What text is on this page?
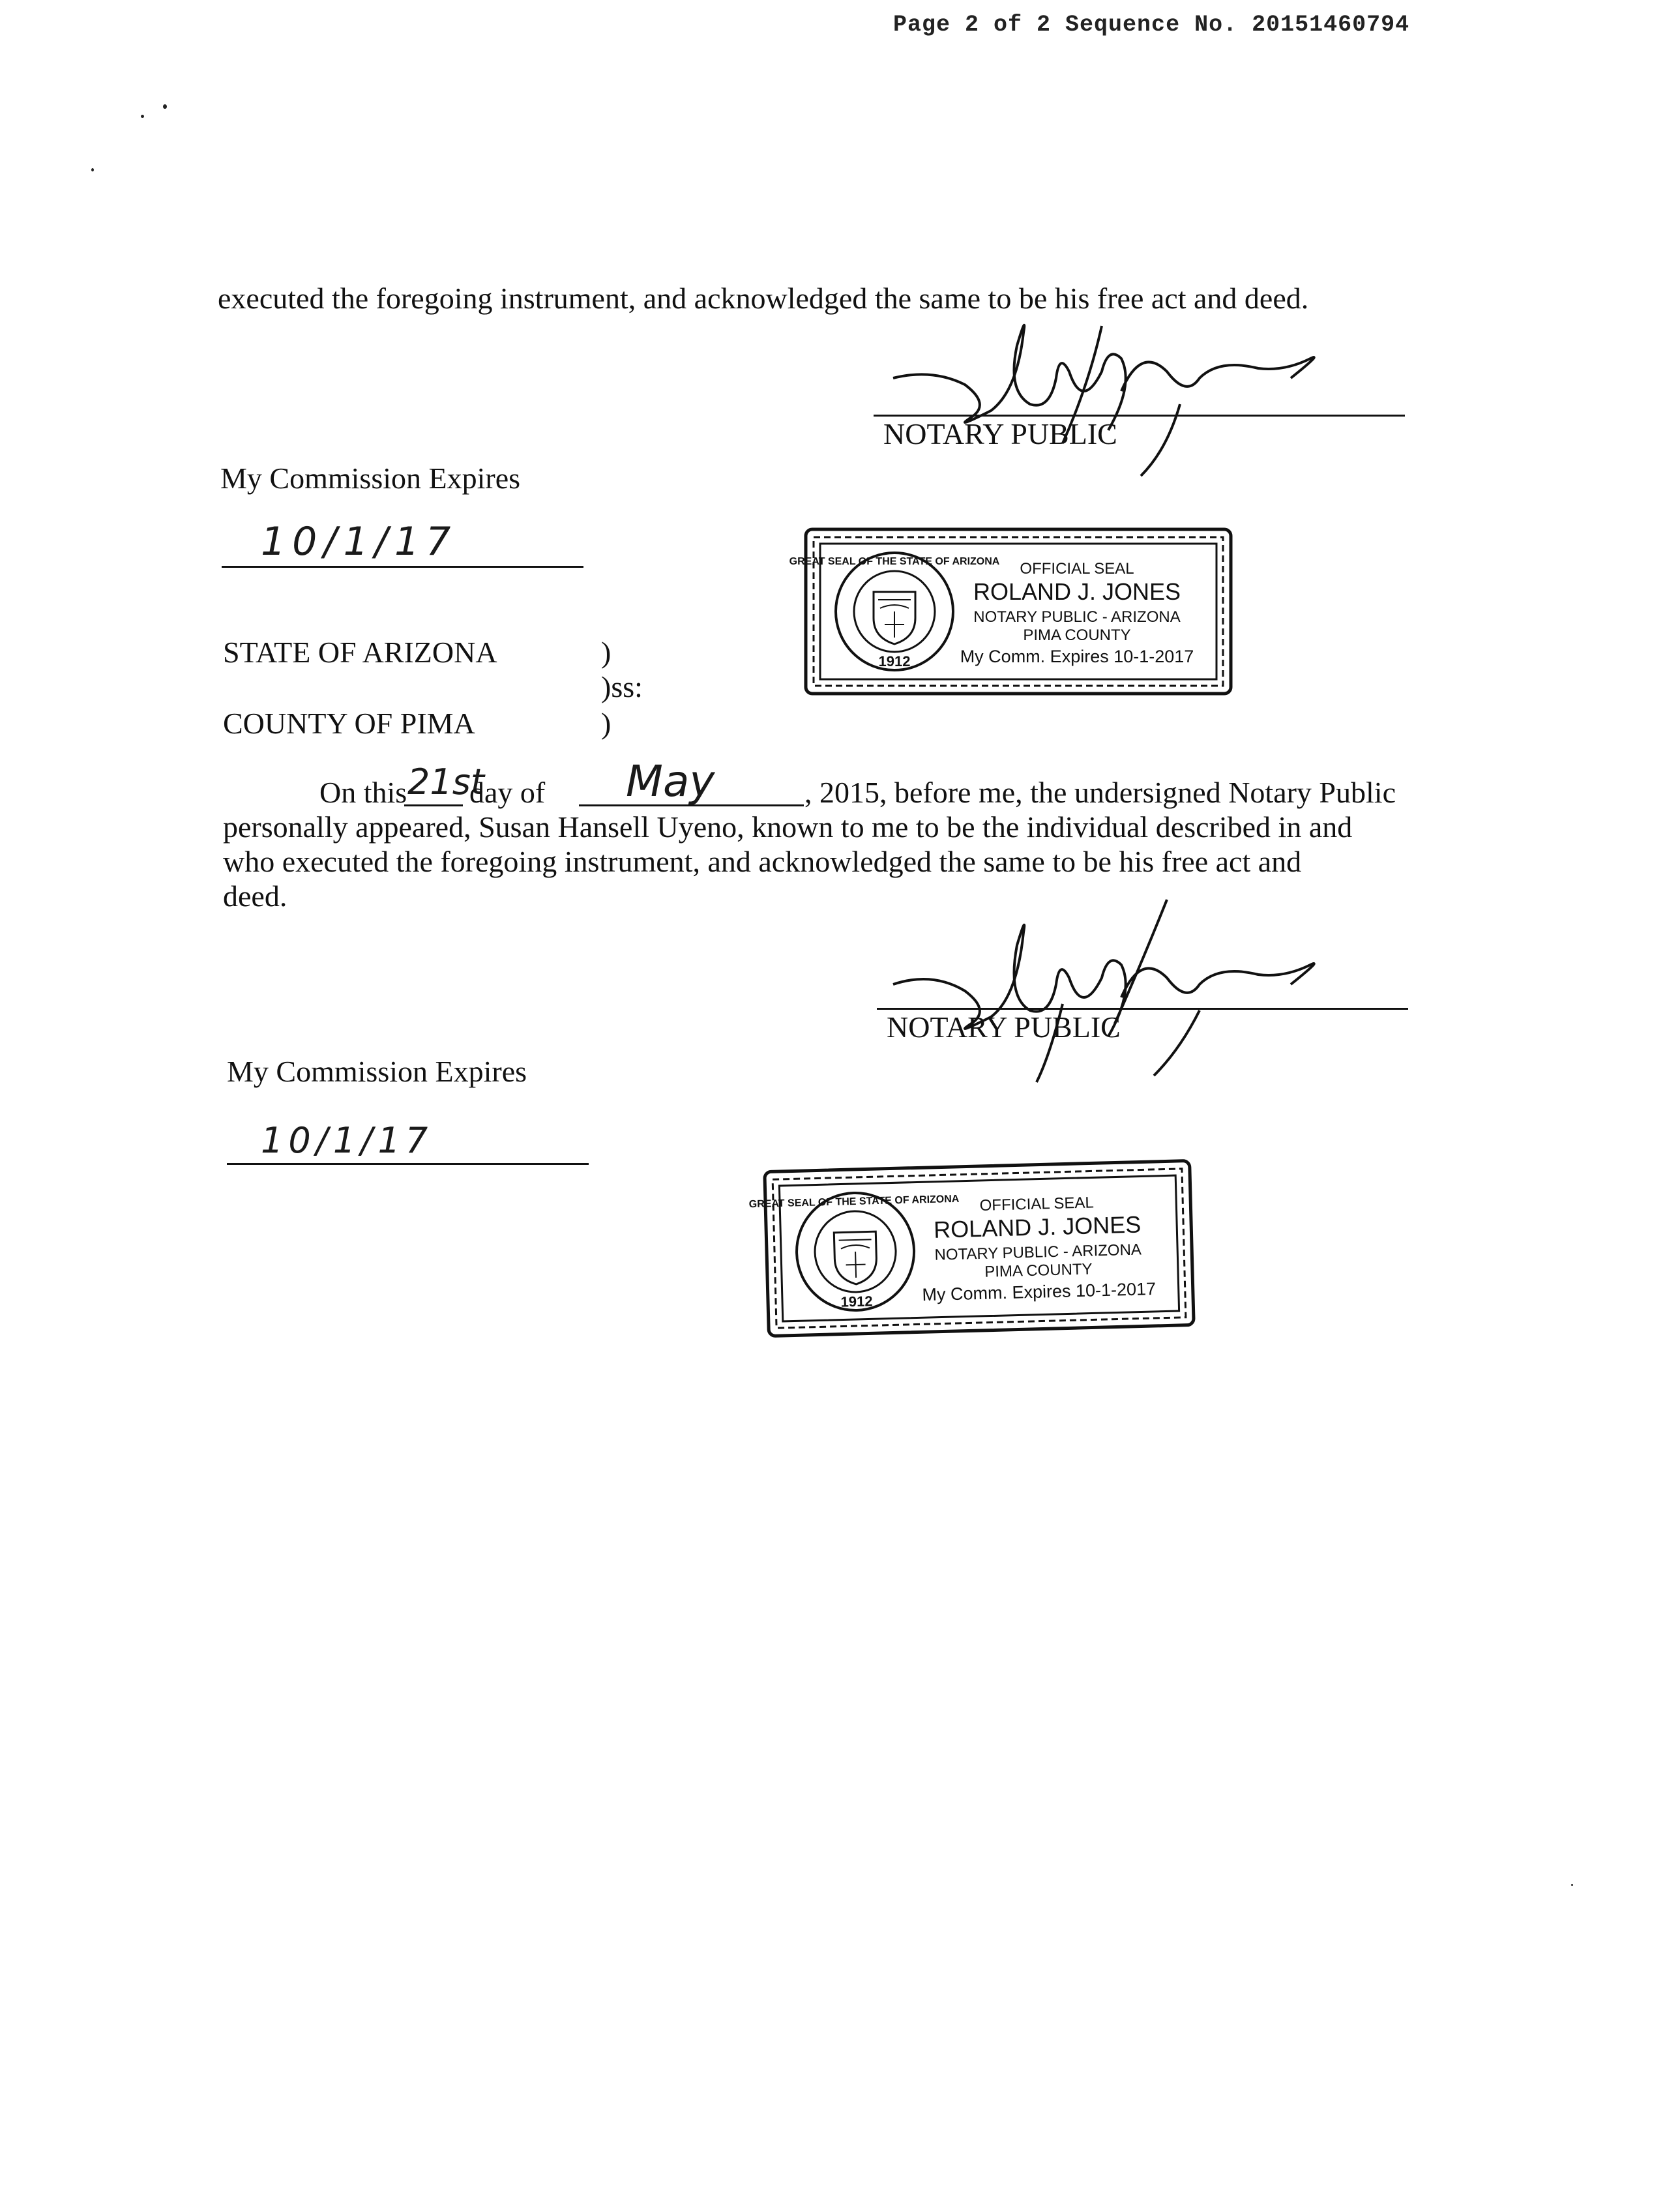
Page 2 of 2 Sequence No. 20151460794
executed the foregoing instrument, and acknowledged the same to be his free act and deed.
NOTARY PUBLIC
My Commission Expires
10/1/17	GREAT SEAL OF THE STATE OF ARIZONA
1912
OFFICIAL SEAL
ROLAND J. JONES
NOTARY PUBLIC - ARIZONA
PIMA COUNTY
My Comm. Expires 10-1-2017
STATE OF ARIZONA	)
)ss:
COUNTY OF PIMA	)
On this 21st
day of May	, 2015, before me, the undersigned Notary Public
personally appeared, Susan Hansell Uyeno, known to me to be the individual described in and
who executed the foregoing instrument, and acknowledged the same to be his free act and
deed.
NOTARY PUBLIC
My Commission Expires
10/1/17
GREAT SEAL OF THE STATE OF ARIZONA
1912
OFFICIAL SEAL
ROLAND J. JONES
NOTARY PUBLIC - ARIZONA
PIMA COUNTY
My Comm. Expires 10-1-2017
